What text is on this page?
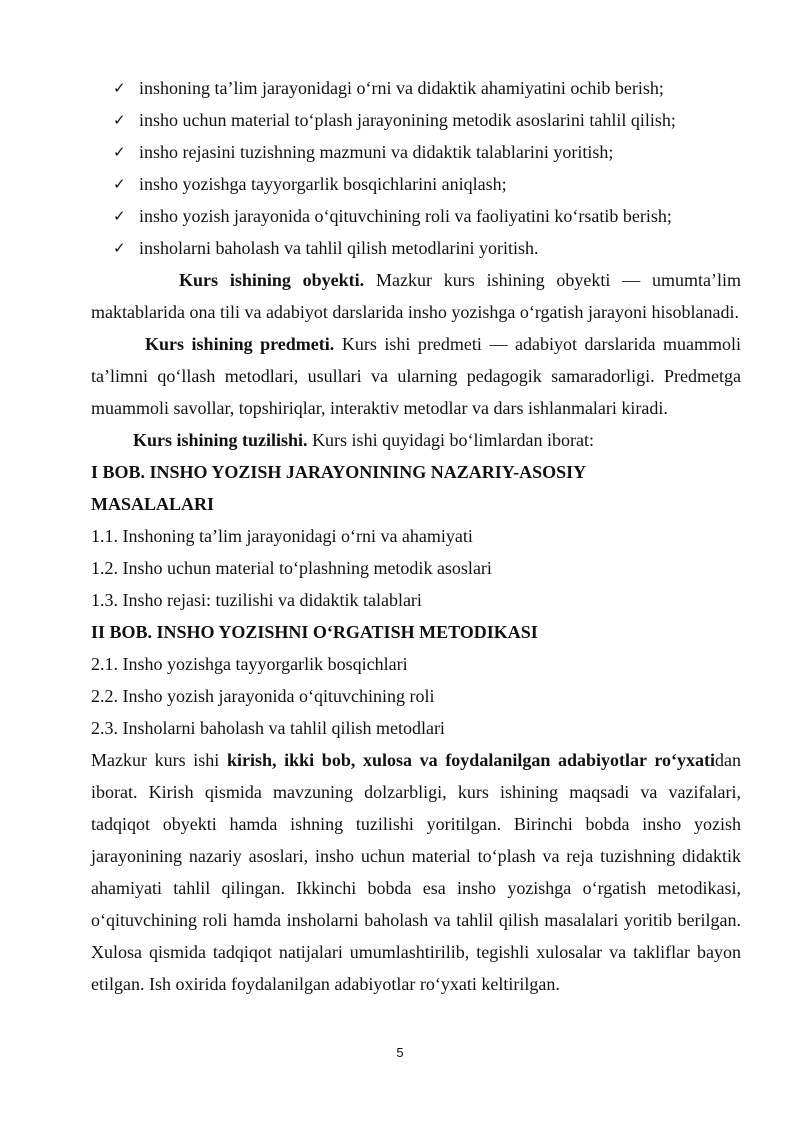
✓ inshoning ta’lim jarayonidagi o‘rni va didaktik ahamiyatini ochib berish;
✓ insho uchun material to‘plash jarayonining metodik asoslarini tahlil qilish;
✓ insho rejasini tuzishning mazmuni va didaktik talablarini yoritish;
✓ insho yozishga tayyorgarlik bosqichlarini aniqlash;
✓ insho yozish jarayonida o‘qituvchining roli va faoliyatini ko‘rsatib berish;
✓ insholarni baholash va tahlil qilish metodlarini yoritish.

Kurs ishining obyekti. Mazkur kurs ishining obyekti — umumta’lim maktablarida ona tili va adabiyot darslarida insho yozishga o‘rgatish jarayoni hisoblanadi.

Kurs ishining predmeti. Kurs ishi predmeti — adabiyot darslarida muammoli ta’limni qo‘llash metodlari, usullari va ularning pedagogik samaradorligi. Predmetga muammoli savollar, topshiriqlar, interaktiv metodlar va dars ishlanmalari kiradi.

Kurs ishining tuzilishi. Kurs ishi quyidagi bo‘limlardan iborat:

I BOB. INSHO YOZISH JARAYONINING NAZARIY-ASOSIY
MASALALARI
1.1. Inshoning ta’lim jarayonidagi o‘rni va ahamiyati
1.2. Insho uchun material to‘plashning metodik asoslari
1.3. Insho rejasi: tuzilishi va didaktik talablari
II BOB. INSHO YOZISHNI O‘RGATISH METODIKASI
2.1. Insho yozishga tayyorgarlik bosqichlari
2.2. Insho yozish jarayonida o‘qituvchining roli
2.3. Insholarni baholash va tahlil qilish metodlari

Mazkur kurs ishi kirish, ikki bob, xulosa va foydalanilgan adabiyotlar ro‘yxatidan iborat. Kirish qismida mavzuning dolzarbligi, kurs ishining maqsadi va vazifalari, tadqiqot obyekti hamda ishning tuzilishi yoritilgan. Birinchi bobda insho yozish jarayonining nazariy asoslari, insho uchun material to‘plash va reja tuzishning didaktik ahamiyati tahlil qilingan. Ikkinchi bobda esa insho yozishga o‘rgatish metodikasi, o‘qituvchining roli hamda insholarni baholash va tahlil qilish masalalari yoritib berilgan. Xulosa qismida tadqiqot natijalari umumlashtirilib, tegishli xulosalar va takliflar bayon etilgan. Ish oxirida foydalanilgan adabiyotlar ro‘yxati keltirilgan.

5
